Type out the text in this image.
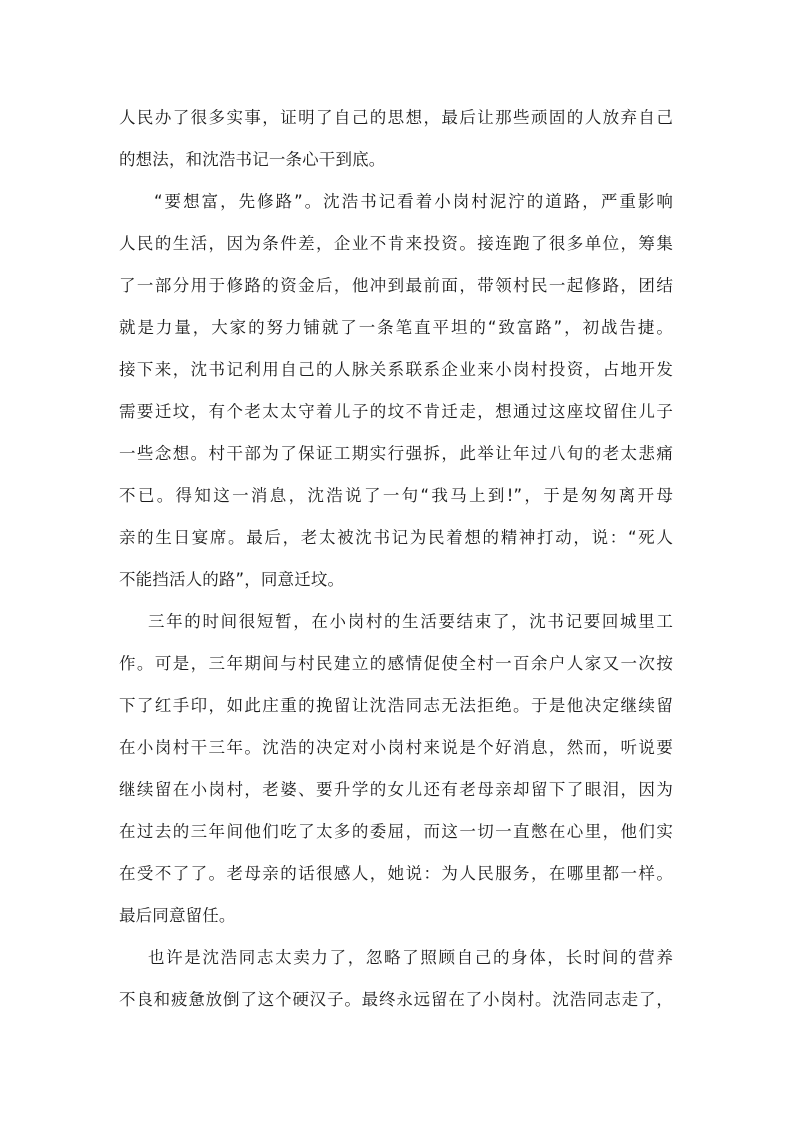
人民办了很多实事，证明了自己的思想，最后让那些顽固的人放弃自己
的想法，和沈浩书记一条心干到底。
“要想富，先修路”。沈浩书记看着小岗村泥泞的道路，严重影响
人民的生活，因为条件差，企业不肯来投资。接连跑了很多单位，筹集
了一部分用于修路的资金后，他冲到最前面，带领村民一起修路，团结
就是力量，大家的努力铺就了一条笔直平坦的“致富路”，初战告捷。
接下来，沈书记利用自己的人脉关系联系企业来小岗村投资，占地开发
需要迁坟，有个老太太守着儿子的坟不肯迁走，想通过这座坟留住儿子
一些念想。村干部为了保证工期实行强拆，此举让年过八旬的老太悲痛
不已。得知这一消息，沈浩说了一句“我马上到!”，于是匆匆离开母
亲的生日宴席。最后，老太被沈书记为民着想的精神打动，说：“死人
不能挡活人的路”，同意迁坟。
三年的时间很短暂，在小岗村的生活要结束了，沈书记要回城里工
作。可是，三年期间与村民建立的感情促使全村一百余户人家又一次按
下了红手印，如此庄重的挽留让沈浩同志无法拒绝。于是他决定继续留
在小岗村干三年。沈浩的决定对小岗村来说是个好消息，然而，听说要
继续留在小岗村，老婆、要升学的女儿还有老母亲却留下了眼泪，因为
在过去的三年间他们吃了太多的委屈，而这一切一直憋在心里，他们实
在受不了了。老母亲的话很感人，她说：为人民服务，在哪里都一样。
最后同意留任。
也许是沈浩同志太卖力了，忽略了照顾自己的身体，长时间的营养
不良和疲惫放倒了这个硬汉子。最终永远留在了小岗村。沈浩同志走了，
